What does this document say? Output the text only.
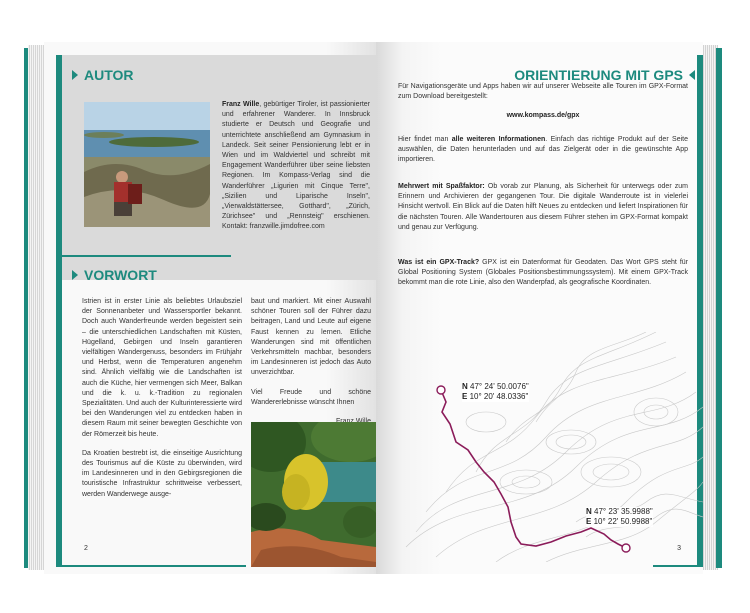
AUTOR
Franz Wille, gebürtiger Tiroler, ist passionierter und erfahrener Wanderer. In Innsbruck studierte er Deutsch und Geografie und unterrichtete anschließend am Gymnasium in Landeck. Seit seiner Pensionierung lebt er in Wien und im Waldviertel und schreibt mit Engagement Wanderführer über seine liebsten Regionen. Im Kompass-Verlag sind die Wanderführer „Ligurien mit Cinque Terre", „Sizilien und Liparische Inseln", „Vierwaldstättersee, Gotthard", „Zürich, Zürichsee" und „Rennsteig" erschienen. Kontakt: franzwille.jimdofree.com
VORWORT

Istrien ist in erster Linie als beliebtes Urlaubsziel der Sonnenanbeter und Wassersportler bekannt. Doch auch Wanderfreunde werden begeistert sein – die unterschiedlichen Landschaften mit Küsten, Hügelland, Gebirgen und Inseln garantieren vielfältigen Wandergenuss, besonders im Frühjahr und Herbst, wenn die Temperaturen angenehm sind. Ähnlich vielfältig wie die Landschaften ist auch die Küche, hier vermengen sich Meer, Balkan und die k. u. k.-Tradition zu regionalen Spezialitäten. Und auch der Kulturinteressierte wird bei den Wanderungen viel zu entdecken haben in diesem Raum mit seiner bewegten Geschichte von der Römerzeit bis heute.

Da Kroatien bestrebt ist, die einseitige Ausrichtung des Tourismus auf die Küste zu überwinden, wird im Landesinneren und in den Gebirgsregionen die touristische Infrastruktur schrittweise verbessert, werden Wanderwege ausge-

baut und markiert. Mit einer Auswahl schöner Touren soll der Führer dazu beitragen, Land und Leute auf eigene Faust kennen zu lernen. Etliche Wanderungen sind mit öffentlichen Verkehrsmitteln machbar, besonders im Landesinneren ist jedoch das Auto unverzichtbar.

Viel Freude und schöne Wandererlebnisse wünscht Ihnen

2
ORIENTIERUNG MIT GPS
Für Navigationsgeräte und Apps haben wir auf unserer Webseite alle Touren im GPX-Format zum Download bereitgestellt:
www.kompass.de/gpx
Hier findet man alle weiteren Informationen. Einfach das richtige Produkt auf der Seite auswählen, die Daten herunterladen und auf das Zielgerät oder in die gewünschte App importieren.
Mehrwert mit Spaßfaktor: Ob vorab zur Planung, als Sicherheit für unterwegs oder zum Erinnern und Archivieren der gegangenen Tour. Die digitale Wanderroute ist in vielerlei Hinsicht wertvoll. Ein Blick auf die Daten hilft Neues zu entdecken und liefert Inspirationen für die nächsten Touren. Alle Wandertouren aus diesem Führer stehen im GPX-Format kompakt und genau zur Verfügung.
Was ist ein GPX-Track? GPX ist ein Datenformat für Geodaten. Das Wort GPS steht für Global Positioning System (Globales Positionsbestimmungssystem). Mit einem GPX-Track bekommt man die rote Linie, also den Wanderpfad, als geografische Koordinaten.
N 47° 24' 50.0076"
E 10° 20' 48.0336"
N 47° 23' 35.9988"
E 10° 22' 50.9988"
3
